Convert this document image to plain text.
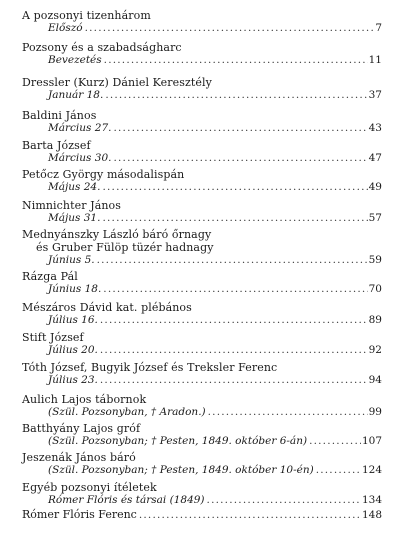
A pozsonyi tizenhárom
Előszó .....	7
Pozsony és a szabadságharc
Bevezetés .....	11
Dressler (Kurz) Dániel Keresztély
Január 18. .....	37
Baldini János
Március 27. .....	43
Barta József
Március 30. .....	47
Petőcz György másodalispán
Május 24. .....	49
Nimnichter János
Május 31. .....	57
Mednyánszky László báró őrnagy
és Gruber Fülöp tüzér hadnagy
Június 5. .....	59
Rázga Pál
Június 18. .....	70
Mészáros Dávid kat. plébános
Július 16. .....	89
Stift József
Július 20. .....	92
Tóth József, Bugyik József és Treksler Ferenc
Július 23. .....	94
Aulich Lajos tábornok
(Szül. Pozsonyban, † Aradon.) .....	99
Batthyány Lajos gróf
(Szül. Pozsonyban; † Pesten, 1849. október 6-án) .....	107
Jeszenák János báró
(Szül. Pozsonyban; † Pesten, 1849. október 10-én) .....	124
Egyéb pozsonyi ítéletek
Rómer Flóris és társai (1849) .....	134
Rómer Flóris Ferenc .....	148
